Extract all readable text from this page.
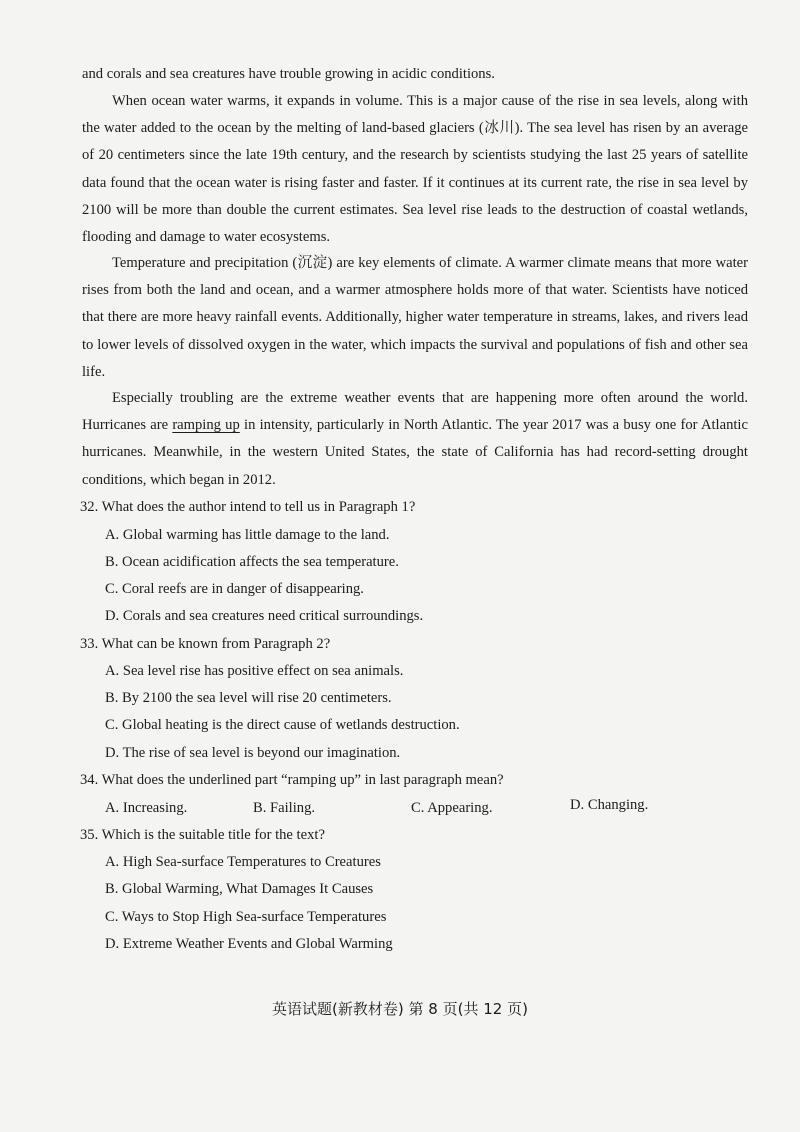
and corals and sea creatures have trouble growing in acidic conditions.

When ocean water warms, it expands in volume. This is a major cause of the rise in sea levels, along with the water added to the ocean by the melting of land-based glaciers (冰川). The sea level has risen by an average of 20 centimeters since the late 19th century, and the research by scientists studying the last 25 years of satellite data found that the ocean water is rising faster and faster. If it continues at its current rate, the rise in sea level by 2100 will be more than double the current estimates. Sea level rise leads to the destruction of coastal wetlands, flooding and damage to water ecosystems.

Temperature and precipitation (沉淀) are key elements of climate. A warmer climate means that more water rises from both the land and ocean, and a warmer atmosphere holds more of that water. Scientists have noticed that there are more heavy rainfall events. Additionally, higher water temperature in streams, lakes, and rivers lead to lower levels of dissolved oxygen in the water, which impacts the survival and populations of fish and other sea life.

Especially troubling are the extreme weather events that are happening more often around the world. Hurricanes are ramping up in intensity, particularly in North Atlantic. The year 2017 was a busy one for Atlantic hurricanes. Meanwhile, in the western United States, the state of California has had record-setting drought conditions, which began in 2012.

32. What does the author intend to tell us in Paragraph 1?

A. Global warming has little damage to the land.

B. Ocean acidification affects the sea temperature.

C. Coral reefs are in danger of disappearing.

D. Corals and sea creatures need critical surroundings.

33. What can be known from Paragraph 2?

A. Sea level rise has positive effect on sea animals.

B. By 2100 the sea level will rise 20 centimeters.

C. Global heating is the direct cause of wetlands destruction.

D. The rise of sea level is beyond our imagination.

34. What does the underlined part “ramping up” in last paragraph mean?

A. Increasing.	B. Failing.	C. Appearing.	D. Changing.

35. Which is the suitable title for the text?

A. High Sea-surface Temperatures to Creatures

B. Global Warming, What Damages It Causes

C. Ways to Stop High Sea-surface Temperatures

D. Extreme Weather Events and Global Warming

英语试题(新教材卷) 第 8 页(共 12 页)
